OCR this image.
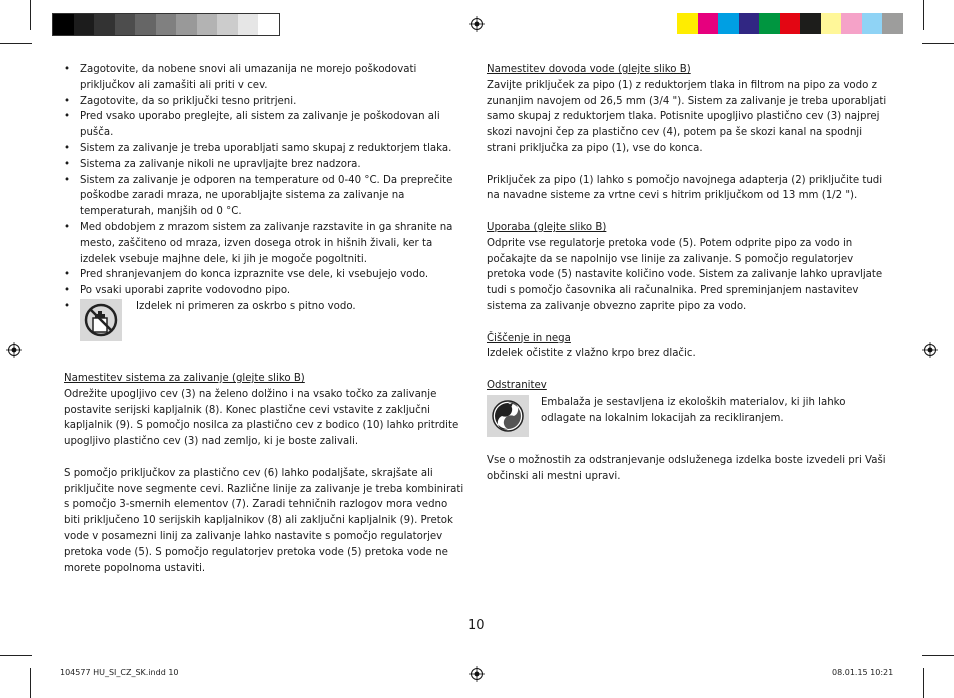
• Zagotovite, da nobene snovi ali umazanija ne morejo poškodovati priključkov ali zamašiti ali priti v cev.
• Zagotovite, da so priključki tesno pritrjeni.
• Pred vsako uporabo preglejte, ali sistem za zalivanje je poškodovan ali pušča.
• Sistem za zalivanje je treba uporabljati samo skupaj z reduktorjem tlaka.
• Sistema za zalivanje nikoli ne upravljajte brez nadzora.
• Sistem za zalivanje je odporen na temperature od 0-40 °C. Da preprečite poškodbe zaradi mraza, ne uporabljajte sistema za zalivanje na temperaturah, manjših od 0 °C.
• Med obdobjem z mrazom sistem za zalivanje razstavite in ga shranite na mesto, zaščiteno od mraza, izven dosega otrok in hišnih živali, ker ta izdelek vsebuje majhne dele, ki jih je mogoče pogoltniti.
• Pred shranjevanjem do konca izpraznite vse dele, ki vsebujejo vodo.
• Po vsaki uporabi zaprite vodovodno pipo.
• Izdelek ni primeren za oskrbo s pitno vodo.

Namestitev sistema za zalivanje (glejte sliko B)

Odrežite upogljivo cev (3) na želeno dolžino i na vsako točko za zalivanje postavite serijski kapljalnik (8). Konec plastične cevi vstavite z zaključni kapljalnik (9). S pomočjo nosilca za plastično cev z bodico (10) lahko pritrdite upogljivo plastično cev (3) nad zemljo, ki je boste zalivali.

S pomočjo priključkov za plastično cev (6) lahko podaljšate, skrajšate ali priključite nove segmente cevi. Različne linije za zalivanje je treba kombinirati s pomočjo 3-smernih elementov (7). Zaradi tehničnih razlogov mora vedno biti priključeno 10 serijskih kapljalnikov (8) ali zaključni kapljalnik (9). Pretok vode v posamezni linij za zalivanje lahko nastavite s pomočjo regulatorjev pretoka vode (5). S pomočjo regulatorjev pretoka vode (5) pretoka vode ne morete popolnoma ustaviti.

Namestitev dovoda vode (glejte sliko B)

Zavijte priključek za pipo (1) z reduktorjem tlaka in filtrom na pipo za vodo z zunanjim navojem od 26,5 mm (3/4 "). Sistem za zalivanje je treba uporabljati samo skupaj z reduktorjem tlaka. Potisnite upogljivo plastično cev (3) najprej skozi navojni čep za plastično cev (4), potem pa še skozi kanal na spodnji strani priključka za pipo (1), vse do konca.

Priključek za pipo (1) lahko s pomočjo navojnega adapterja (2) priključite tudi na navadne sisteme za vrtne cevi s hitrim priključkom od 13 mm (1/2 ").

Uporaba (glejte sliko B)

Odprite vse regulatorje pretoka vode (5). Potem odprite pipo za vodo in počakajte da se napolnijo vse linije za zalivanje. S pomočjo regulatorjev pretoka vode (5) nastavite količino vode. Sistem za zalivanje lahko upravljate tudi s pomočjo časovnika ali računalnika. Pred spreminjanjem nastavitev sistema za zalivanje obvezno zaprite pipo za vodo.

Čiščenje in nega

Izdelek očistite z vlažno krpo brez dlačic.

Odstranitev

Embalaža je sestavljena iz ekoloških materialov, ki jih lahko odlagate na lokalnim lokacijah za recikliranjem.

Vse o možnostih za odstranjevanje odsluženega izdelka boste izvedeli pri Vaši občinski ali mestni upravi.

10
104577 HU_SI_CZ_SK.indd 10	08.01.15 10:21
